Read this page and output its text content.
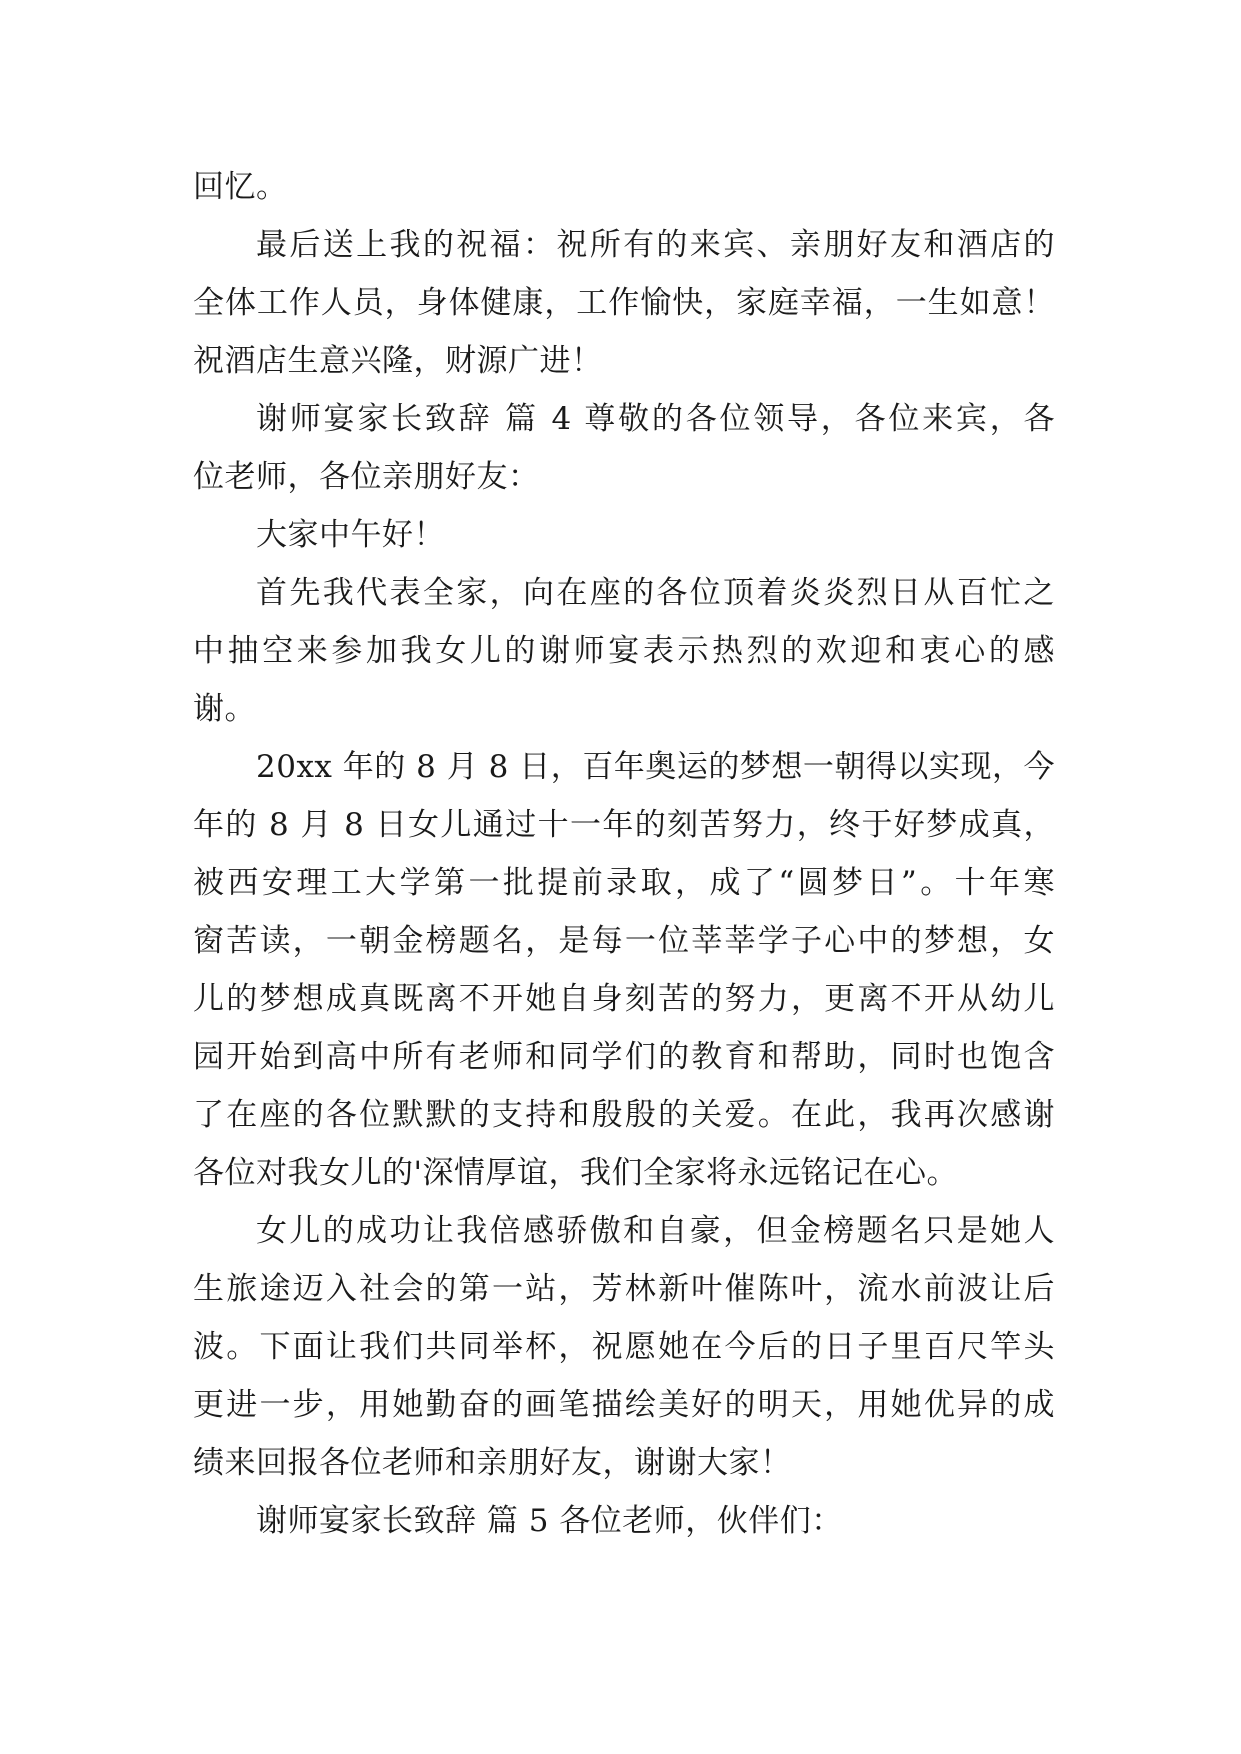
回忆。
最后送上我的祝福：祝所有的来宾、亲朋好友和酒店的
全体工作人员，身体健康，工作愉快，家庭幸福，一生如意！
祝酒店生意兴隆，财源广进！
谢师宴家长致辞 篇 4 尊敬的各位领导，各位来宾，各
位老师，各位亲朋好友：
大家中午好！
首先我代表全家，向在座的各位顶着炎炎烈日从百忙之
中抽空来参加我女儿的谢师宴表示热烈的欢迎和衷心的感
谢。
20xx 年的 8 月 8 日，百年奥运的梦想一朝得以实现，今
年的 8 月 8 日女儿通过十一年的刻苦努力，终于好梦成真，
被西安理工大学第一批提前录取，成了“圆梦日”。十年寒
窗苦读，一朝金榜题名，是每一位莘莘学子心中的梦想，女
儿的梦想成真既离不开她自身刻苦的努力，更离不开从幼儿
园开始到高中所有老师和同学们的教育和帮助，同时也饱含
了在座的各位默默的支持和殷殷的关爱。在此，我再次感谢
各位对我女儿的'深情厚谊，我们全家将永远铭记在心。
女儿的成功让我倍感骄傲和自豪，但金榜题名只是她人
生旅途迈入社会的第一站，芳林新叶催陈叶，流水前波让后
波。下面让我们共同举杯，祝愿她在今后的日子里百尺竿头
更进一步，用她勤奋的画笔描绘美好的明天，用她优异的成
绩来回报各位老师和亲朋好友，谢谢大家！
谢师宴家长致辞 篇 5 各位老师，伙伴们：
